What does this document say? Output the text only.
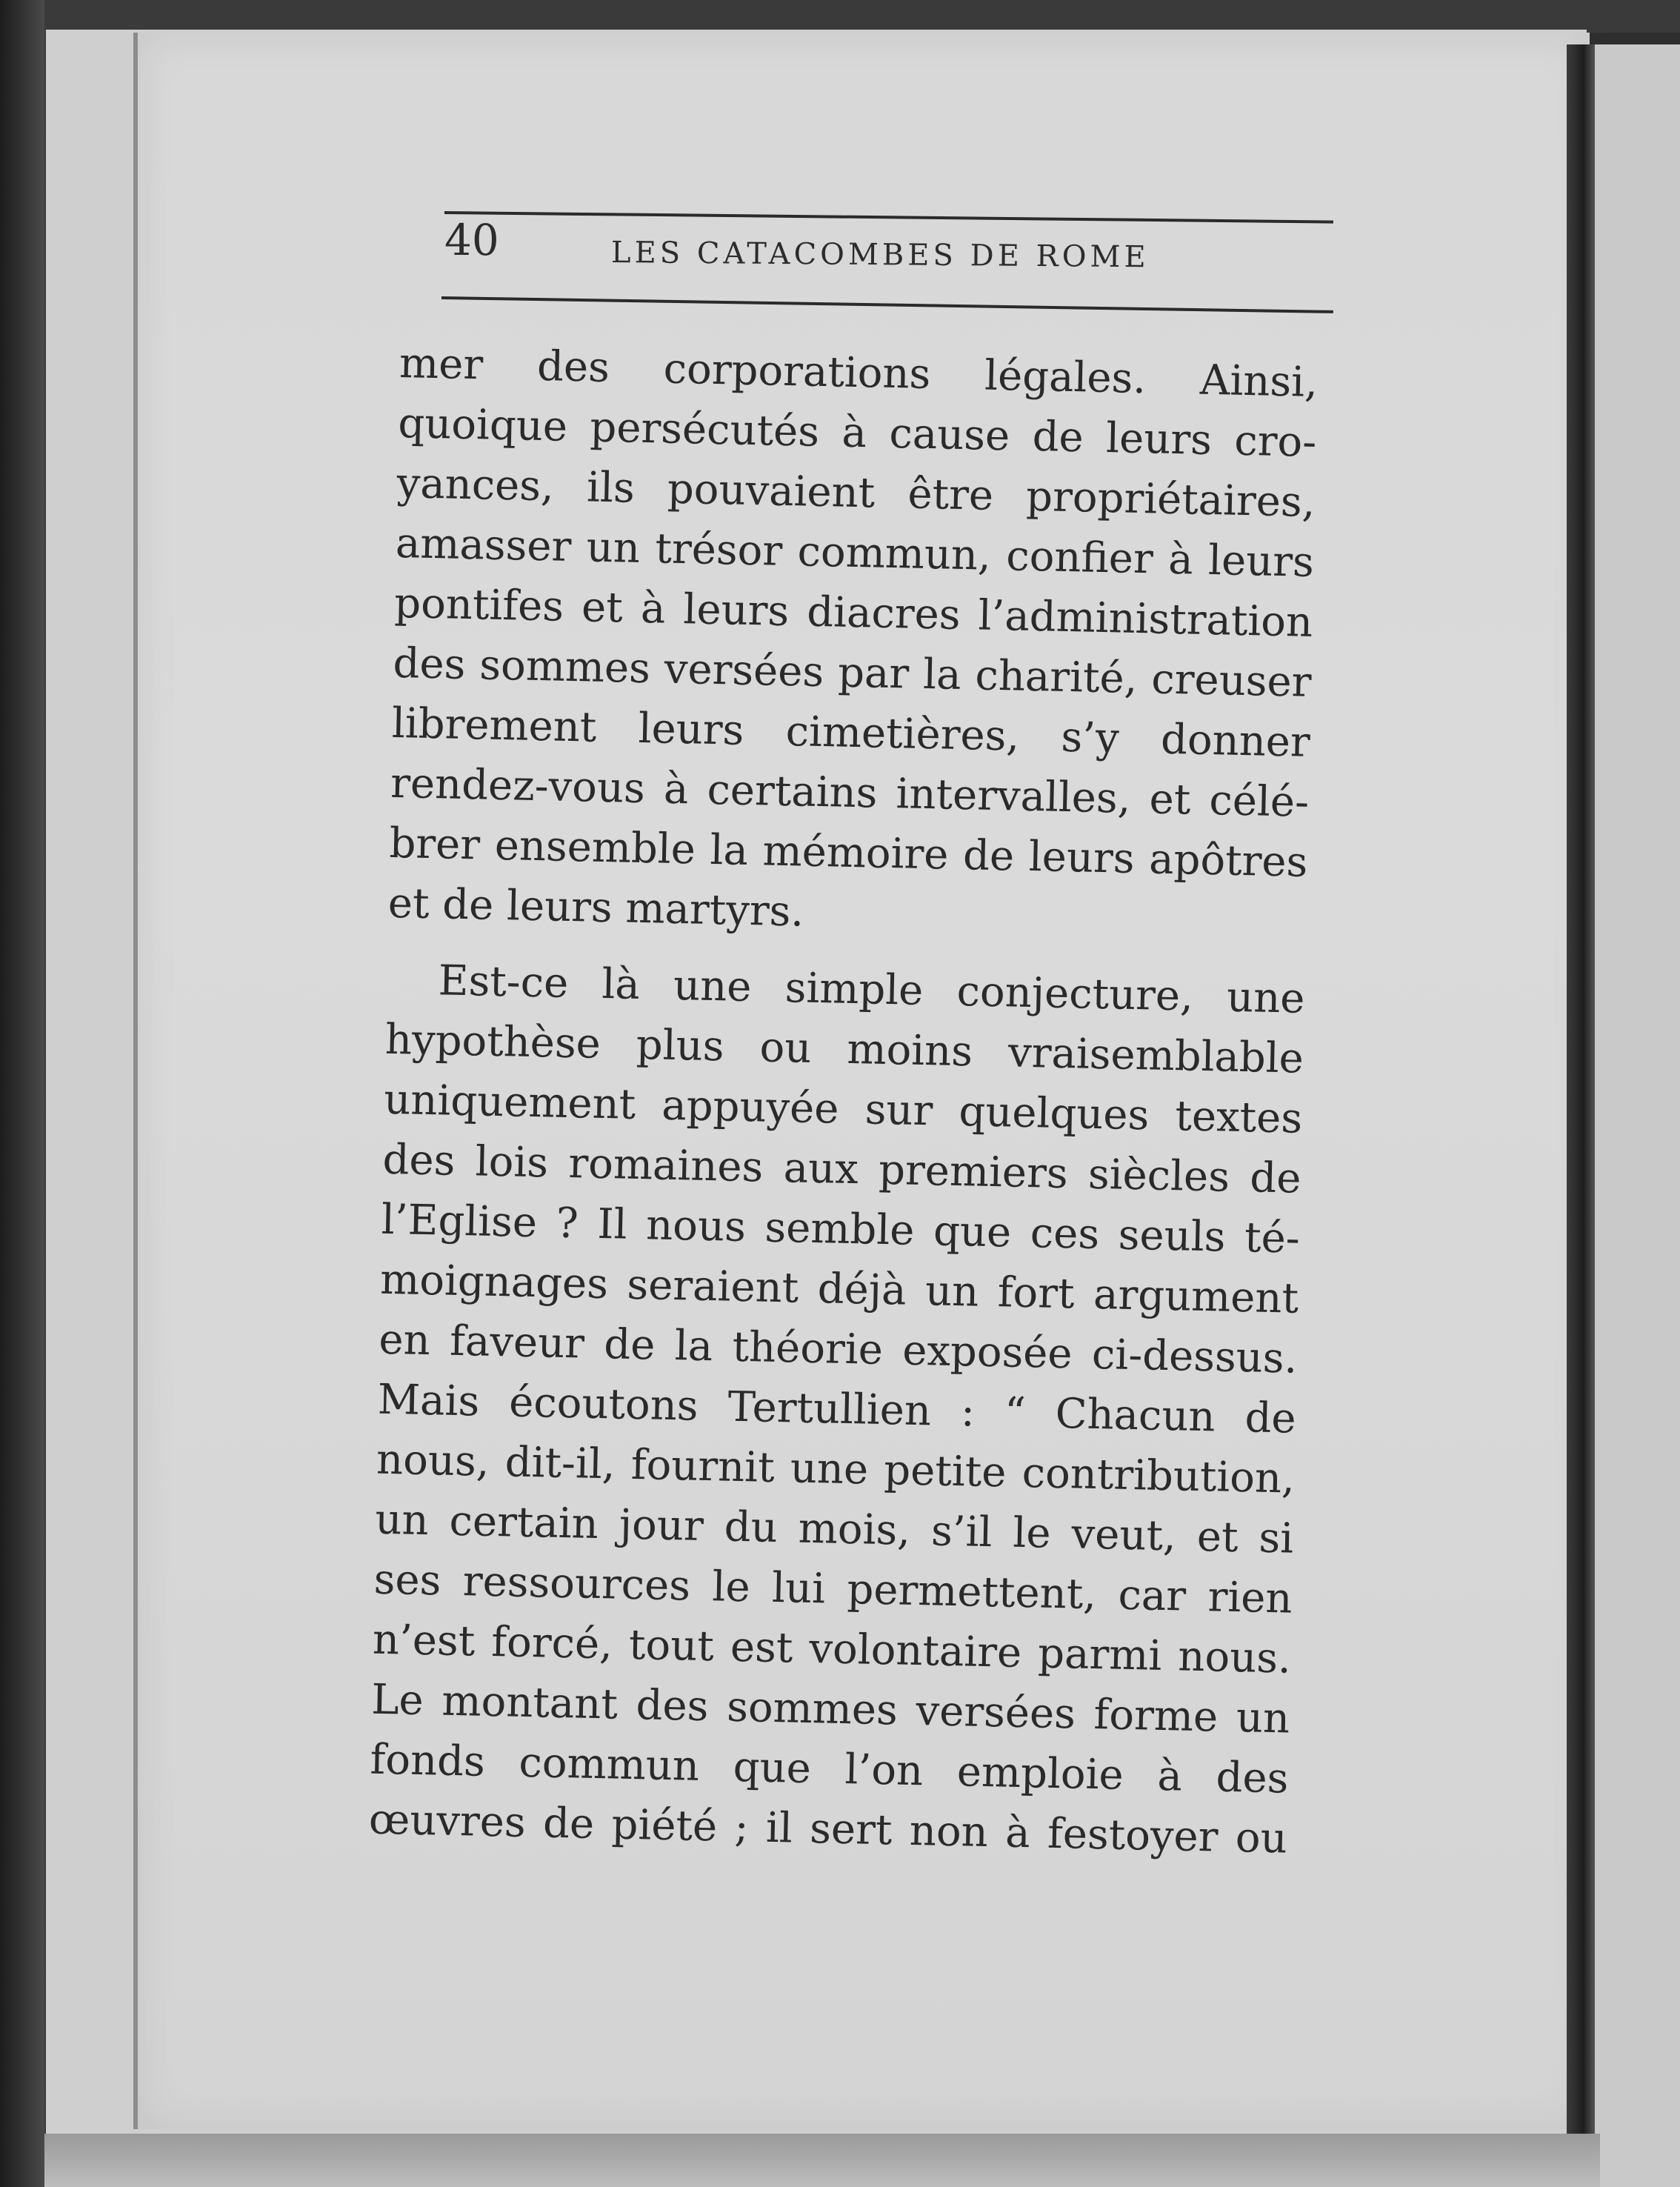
40	LES CATACOMBES DE ROME
mer des corporations légales. Ainsi,
quoique persécutés à cause de leurs cro-
yances, ils pouvaient être propriétaires,
amasser un trésor commun, confier à leurs
pontifes et à leurs diacres l’administration
des sommes versées par la charité, creuser
librement leurs cimetières, s’y donner
rendez-vous à certains intervalles, et célé-
brer ensemble la mémoire de leurs apôtres
et de leurs martyrs.
Est-ce là une simple conjecture, une
hypothèse plus ou moins vraisemblable
uniquement appuyée sur quelques textes
des lois romaines aux premiers siècles de
l’Eglise ? Il nous semble que ces seuls té-
moignages seraient déjà un fort argument
en faveur de la théorie exposée ci-dessus.
Mais écoutons Tertullien : “ Chacun de
nous, dit-il, fournit une petite contribution,
un certain jour du mois, s’il le veut, et si
ses ressources le lui permettent, car rien
n’est forcé, tout est volontaire parmi nous.
Le montant des sommes versées forme un
fonds commun que l’on emploie à des
œuvres de piété ; il sert non à festoyer ou
